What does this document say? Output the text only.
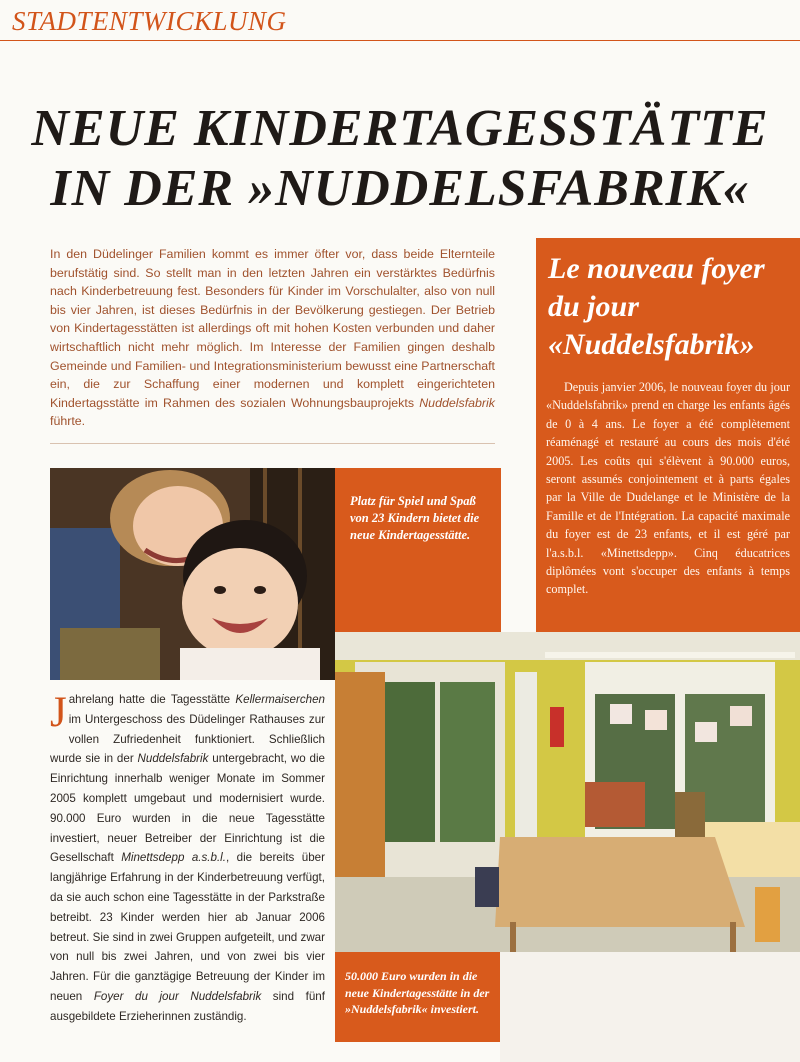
STADTENTWICKLUNG
NEUE KINDERTAGESSTÄTTE
IN DER »NUDDELSFABRIK«
In den Düdelinger Familien kommt es immer öfter vor, dass beide Elternteile berufstätig sind. So stellt man in den letzten Jahren ein verstärktes Bedürfnis nach Kinderbetreuung fest. Besonders für Kinder im Vorschulalter, also von null bis vier Jahren, ist dieses Bedürfnis in der Bevölkerung gestiegen. Der Betrieb von Kindertagesstätten ist allerdings oft mit hohen Kosten verbunden und daher wirtschaftlich nicht mehr möglich. Im Interesse der Familien gingen deshalb Gemeinde und Familien- und Integrationsministerium bewusst eine Partnerschaft ein, die zur Schaffung einer modernen und komplett eingerichteten Kindertagsstätte im Rahmen des sozialen Wohnungsbauprojekts Nuddelsfabrik führte.
Le nouveau foyer du jour «Nuddelsfabrik»
Depuis janvier 2006, le nouveau foyer du jour «Nuddelsfabrik» prend en charge les enfants âgés de 0 à 4 ans. Le foyer a été complètement réaménagé et restauré au cours des mois d'été 2005. Les coûts qui s'élèvent à 90.000 euros, seront assumés conjointement et à parts égales par la Ville de Dudelange et le Ministère de la Famille et de l'Intégration. La capacité maximale du foyer est de 23 enfants, et il est géré par l'a.s.b.l. «Minettsdepp». Cinq éducatrices diplômées vont s'occuper des enfants à temps complet.
Platz für Spiel und Spaß von 23 Kindern bietet die neue Kindertagesstätte.
Jahrelang hatte die Tagesstätte Kellermaiserchen im Untergeschoss des Düdelinger Rathauses zur vollen Zufriedenheit funktioniert. Schließlich wurde sie in der Nuddelsfabrik untergebracht, wo die Einrichtung innerhalb weniger Monate im Sommer 2005 komplett umgebaut und modernisiert wurde. 90.000 Euro wurden in die neue Tagesstätte investiert, neuer Betreiber der Einrichtung ist die Gesellschaft Minettsdepp a.s.b.l., die bereits über langjährige Erfahrung in der Kinderbetreuung verfügt, da sie auch schon eine Tagesstätte in der Parkstraße betreibt. 23 Kinder werden hier ab Januar 2006 betreut. Sie sind in zwei Gruppen aufgeteilt, und zwar von null bis zwei Jahren, und von zwei bis vier Jahren. Für die ganztägige Betreuung der Kinder im neuen Foyer du jour Nuddelsfabrik sind fünf ausgebildete Erzieherinnen zuständig.
50.000 Euro wurden in die neue Kindertagesstätte in der »Nuddelsfabrik« investiert.
